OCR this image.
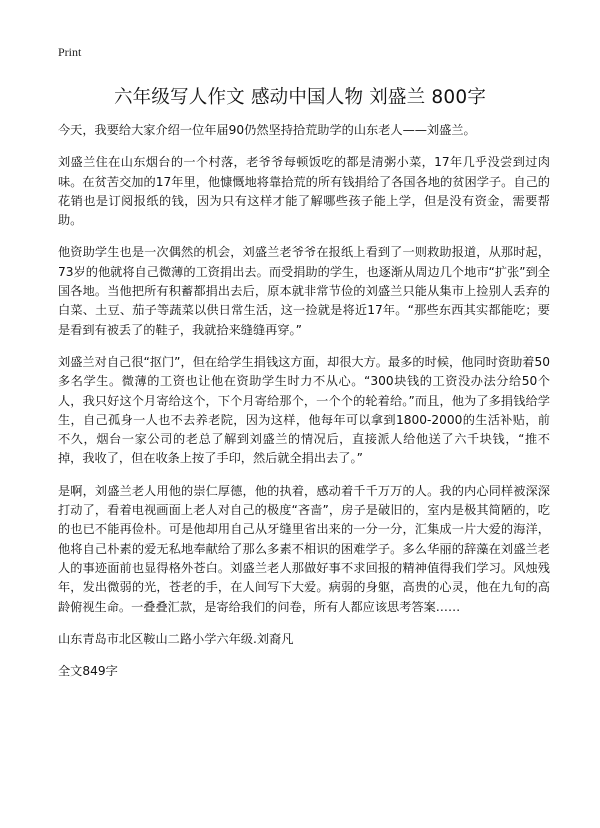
Print
六年级写人作文 感动中国人物 刘盛兰 800字

今天，我要给大家介绍一位年届90仍然坚持拾荒助学的山东老人——刘盛兰。

刘盛兰住在山东烟台的一个村落，老爷爷每顿饭吃的都是清粥小菜，17年几乎没尝到过肉味。在贫苦交加的17年里，他慷慨地将靠拾荒的所有钱捐给了各国各地的贫困学子。自己的花销也是订阅报纸的钱，因为只有这样才能了解哪些孩子能上学，但是没有资金，需要帮助。

他资助学生也是一次偶然的机会，刘盛兰老爷爷在报纸上看到了一则救助报道，从那时起，73岁的他就将自己微薄的工资捐出去。而受捐助的学生，也逐渐从周边几个地市“扩张”到全国各地。当他把所有积蓄都捐出去后，原本就非常节俭的刘盛兰只能从集市上捡别人丢弃的白菜、土豆、茄子等蔬菜以供日常生活，这一捡就是将近17年。“那些东西其实都能吃；要是看到有被丢了的鞋子，我就拾来缝缝再穿。”

刘盛兰对自己很“抠门”，但在给学生捐钱这方面，却很大方。最多的时候，他同时资助着50多名学生。微薄的工资也让他在资助学生时力不从心。“300块钱的工资没办法分给50个人，我只好这个月寄给这个，下个月寄给那个，一个个的轮着给。”而且，他为了多捐钱给学生，自己孤身一人也不去养老院，因为这样，他每年可以拿到1800-2000的生活补贴，前不久，烟台一家公司的老总了解到刘盛兰的情况后，直接派人给他送了六千块钱，“推不掉，我收了，但在收条上按了手印，然后就全捐出去了。”

是啊，刘盛兰老人用他的崇仁厚德，他的执着，感动着千千万万的人。我的内心同样被深深打动了，看着电视画面上老人对自己的极度“吝啬”，房子是破旧的，室内是极其简陋的，吃的也已不能再俭朴。可是他却用自己从牙缝里省出来的一分一分，汇集成一片大爱的海洋，他将自己朴素的爱无私地奉献给了那么多素不相识的困难学子。多么华丽的辞藻在刘盛兰老人的事迹面前也显得格外苍白。刘盛兰老人那做好事不求回报的精神值得我们学习。风烛残年，发出微弱的光，苍老的手，在人间写下大爱。病弱的身躯，高贵的心灵，他在九旬的高龄俯视生命。一叠叠汇款，是寄给我们的问卷，所有人都应该思考答案……

山东青岛市北区鞍山二路小学六年级.刘裔凡

全文849字
